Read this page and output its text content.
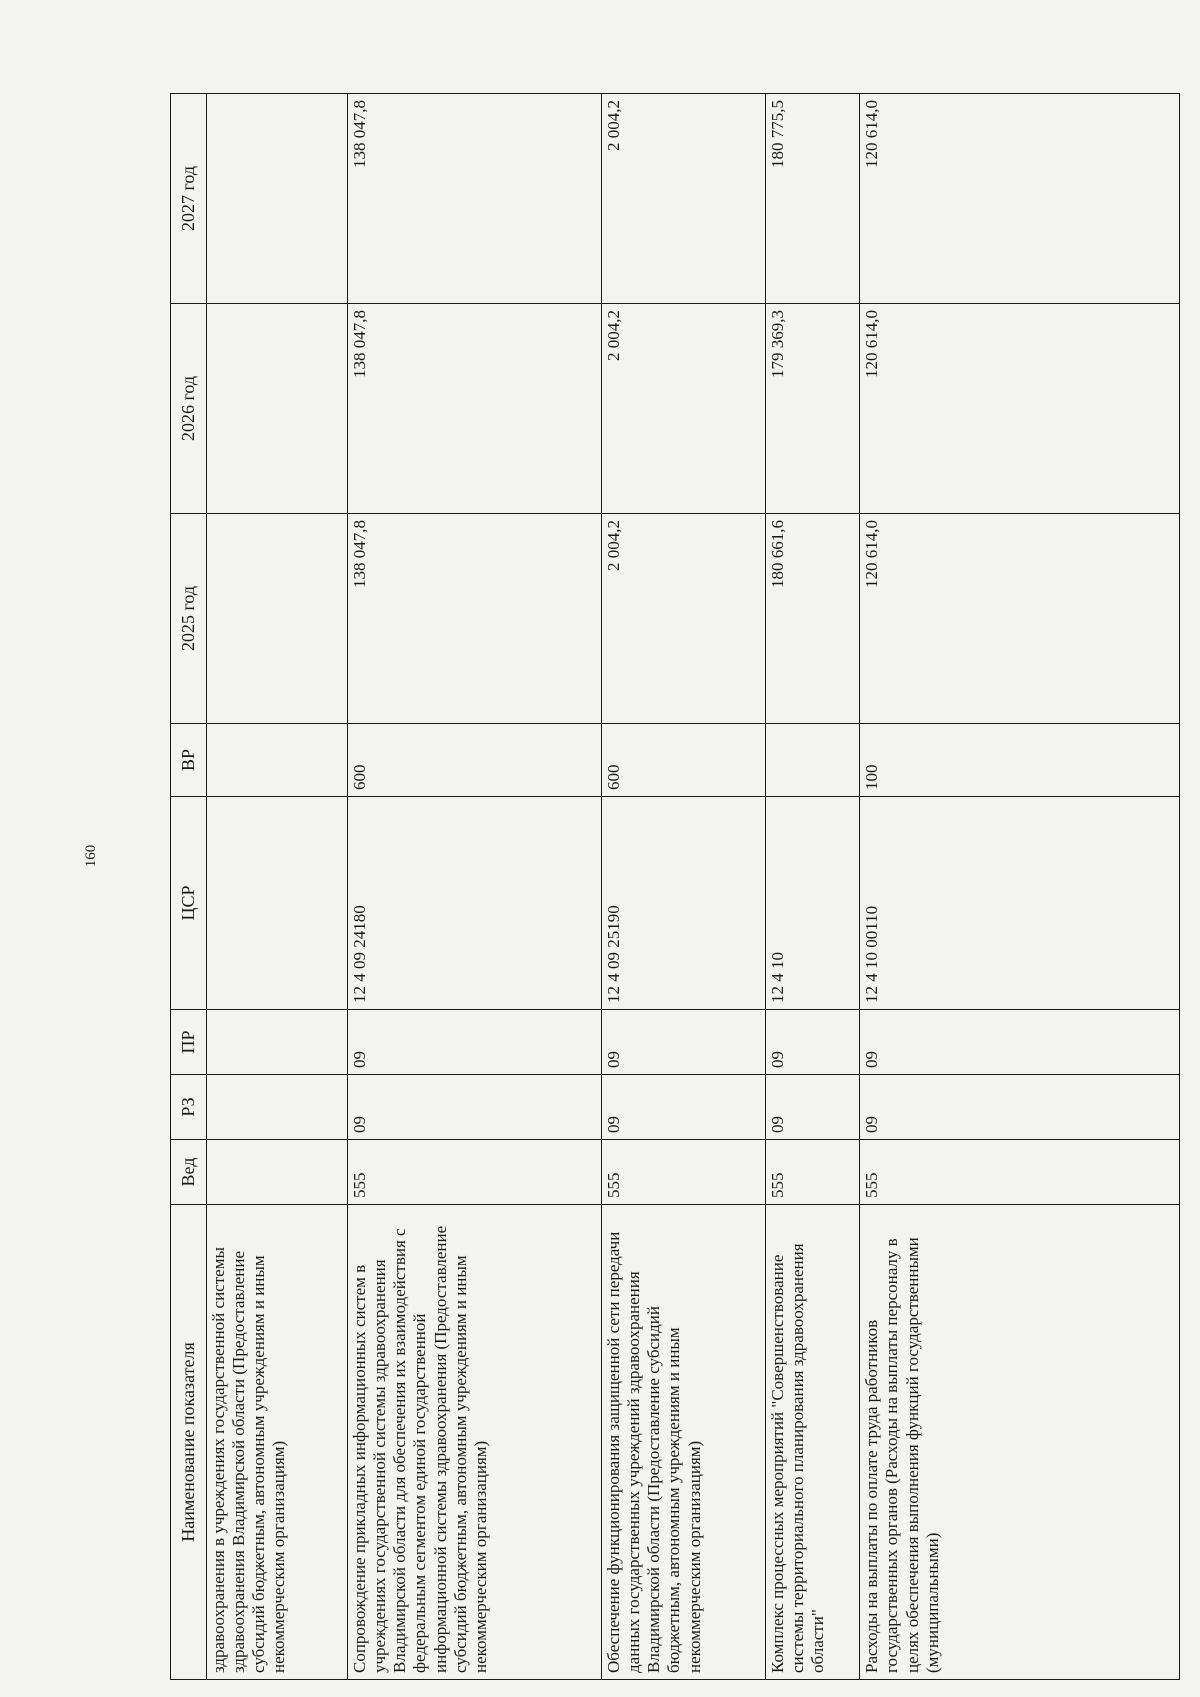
160
Наименование показателя	Вед	РЗ	ПР	ЦСР	ВР	2025 год	2026 год	2027 год
здравоохранения в учреждениях государственной системы здравоохранения Владимирской области (Предоставление субсидий бюджетным, автономным учреждениям и иным некоммерческим организациям)								
Сопровождение прикладных информационных систем в учреждениях государственной системы здравоохранения Владимирской области для обеспечения их взаимодействия с федеральным сегментом единой государственной информационной системы здравоохранения (Предоставление субсидий бюджетным, автономным учреждениям и иным некоммерческим организациям)	555	09	09	12 4 09 24180	600	138 047,8	138 047,8	138 047,8
Обеспечение функционирования защищенной сети передачи данных государственных учреждений здравоохранения Владимирской области (Предоставление субсидий бюджетным, автономным учреждениям и иным некоммерческим организациям)	555	09	09	12 4 09 25190	600	2 004,2	2 004,2	2 004,2
Комплекс процессных мероприятий "Совершенствование системы территориального планирования здравоохранения области"	555	09	09	12 4 10		180 661,6	179 369,3	180 775,5
Расходы на выплаты по оплате труда работников государственных органов (Расходы на выплаты персоналу в целях обеспечения выполнения функций государственными (муниципальными)	555	09	09	12 4 10 00110	100	120 614,0	120 614,0	120 614,0
